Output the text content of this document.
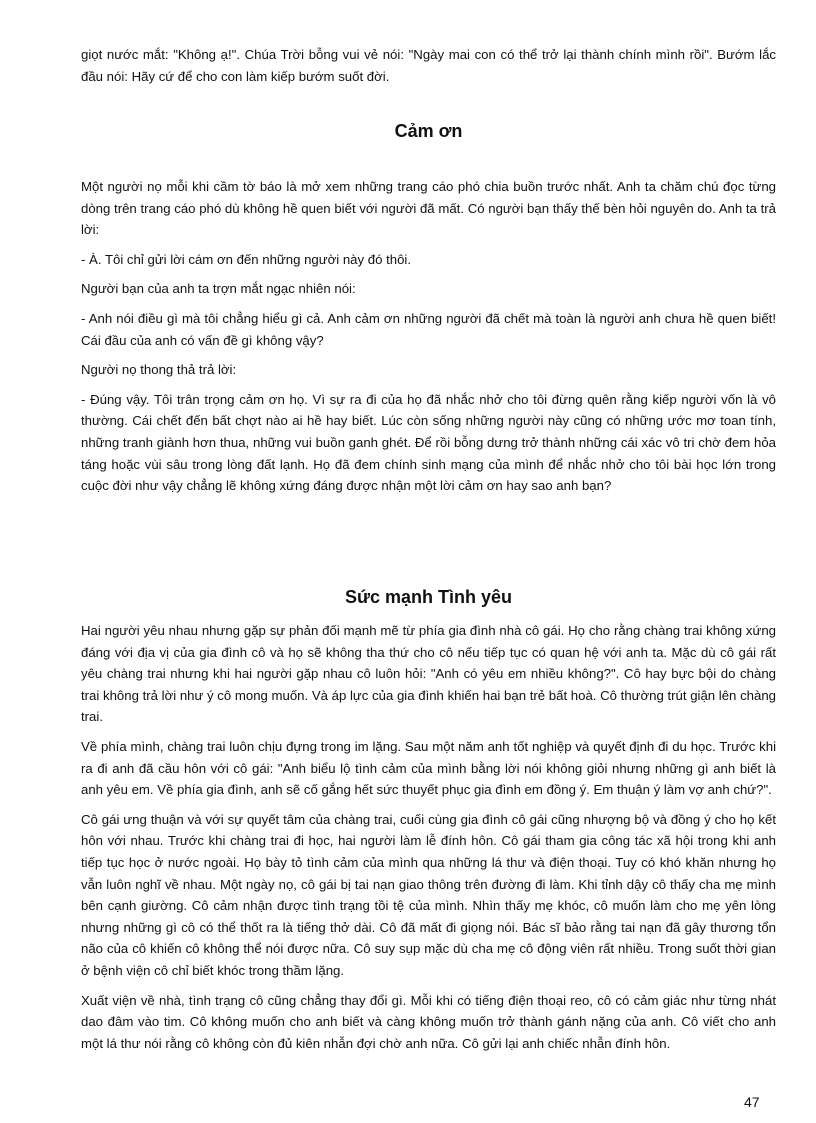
giọt nước mắt: "Không ạ!". Chúa Trời bỗng vui vẻ nói: "Ngày mai con có thể trở lại thành chính mình rồi". Bướm lắc đầu nói: Hãy cứ để cho con làm kiếp bướm suốt đời.

Cảm ơn

Một người nọ mỗi khi cầm tờ báo là mở xem những trang cáo phó chia buồn trước nhất. Anh ta chăm chú đọc từng dòng trên trang cáo phó dù không hề quen biết với người đã mất. Có người bạn thấy thế bèn hỏi nguyên do. Anh ta trả lời:

- À. Tôi chỉ gửi lời cám ơn đến những người này đó thôi.

Người bạn của anh ta trợn mắt ngạc nhiên nói:

- Anh nói điều gì mà tôi chẳng hiểu gì cả. Anh cảm ơn những người đã chết mà toàn là người anh chưa hề quen biết! Cái đầu của anh có vấn đề gì không vậy?

Người nọ thong thả trả lời:

- Đúng vậy. Tôi trân trọng cảm ơn họ. Vì sự ra đi của họ đã nhắc nhở cho tôi đừng quên rằng kiếp người vốn là vô thường. Cái chết đến bất chợt nào ai hề hay biết. Lúc còn sống những người này cũng có những ước mơ toan tính, những tranh giành hơn thua, những vui buồn ganh ghét. Để rồi bỗng dưng trở thành những cái xác vô tri chờ đem hỏa táng hoặc vùi sâu trong lòng đất lạnh. Họ đã đem chính sinh mạng của mình để nhắc nhở cho tôi bài học lớn trong cuộc đời như vậy chẳng lẽ không xứng đáng được nhận một lời cảm ơn hay sao anh bạn?

Sức mạnh Tình yêu

Hai người yêu nhau nhưng gặp sự phản đối mạnh mẽ từ phía gia đình nhà cô gái. Họ cho rằng chàng trai không xứng đáng với địa vị của gia đình cô và họ sẽ không tha thứ cho cô nếu tiếp tục có quan hệ với anh ta. Mặc dù cô gái rất yêu chàng trai nhưng khi hai người gặp nhau cô luôn hỏi: "Anh có yêu em nhiều không?". Cô hay bực bội do chàng trai không trả lời như ý cô mong muốn. Và áp lực của gia đình khiến hai bạn trẻ bất hoà. Cô thường trút giận lên chàng trai.

Về phía mình, chàng trai luôn chịu đựng trong im lặng. Sau một năm anh tốt nghiệp và quyết định đi du học. Trước khi ra đi anh đã cầu hôn với cô gái: "Anh biểu lộ tình cảm của mình bằng lời nói không giỏi nhưng những gì anh biết là anh yêu em. Về phía gia đình, anh sẽ cố gắng hết sức thuyết phục gia đình em đồng ý. Em thuận ý làm vợ anh chứ?".

Cô gái ưng thuận và với sự quyết tâm của chàng trai, cuối cùng gia đình cô gái cũng nhượng bộ và đồng ý cho họ kết hôn với nhau. Trước khi chàng trai đi học, hai người làm lễ đính hôn. Cô gái tham gia công tác xã hội trong khi anh tiếp tục học ở nước ngoài. Họ bày tỏ tình cảm của mình qua những lá thư và điện thoại. Tuy có khó khăn nhưng họ vẫn luôn nghĩ về nhau. Một ngày nọ, cô gái bị tai nạn giao thông trên đường đi làm. Khi tỉnh dậy cô thấy cha mẹ mình bên cạnh giường. Cô cảm nhận được tình trạng tồi tệ của mình. Nhìn thấy mẹ khóc, cô muốn làm cho mẹ yên lòng nhưng những gì cô có thể thốt ra là tiếng thở dài. Cô đã mất đi giọng nói. Bác sĩ bảo rằng tai nạn đã gây thương tổn não của cô khiến cô không thể nói được nữa. Cô suy sụp mặc dù cha mẹ cô động viên rất nhiều. Trong suốt thời gian ở bệnh viện cô chỉ biết khóc trong thầm lặng.

Xuất viện về nhà, tình trạng cô cũng chẳng thay đổi gì. Mỗi khi có tiếng điện thoại reo, cô có cảm giác như từng nhát dao đâm vào tim. Cô không muốn cho anh biết và càng không muốn trở thành gánh nặng của anh. Cô viết cho anh một lá thư nói rằng cô không còn đủ kiên nhẫn đợi chờ anh nữa. Cô gửi lại anh chiếc nhẫn đính hôn.

47
